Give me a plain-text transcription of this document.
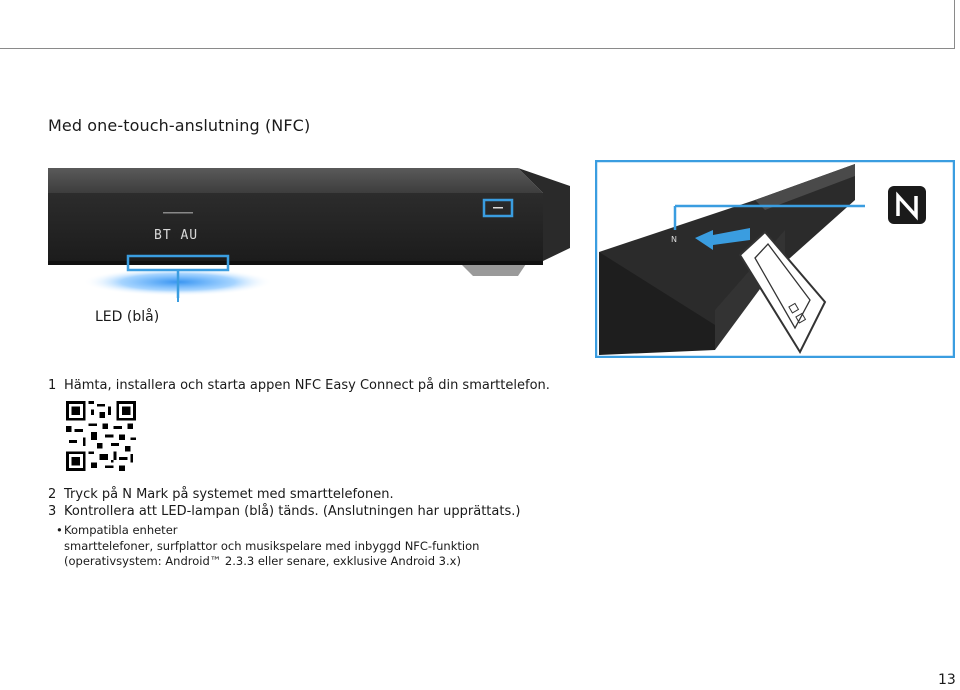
Med one-touch-anslutning (NFC)
BT AU	N
LED (blå)
1 Hämta, installera och starta appen NFC Easy Connect på din smarttelefon.
2 Tryck på N Mark på systemet med smarttelefonen.
3 Kontrollera att LED-lampan (blå) tänds. (Anslutningen har upprättats.)
• Kompatibla enheter
smarttelefoner, surfplattor och musikspelare med inbyggd NFC-funktion
(operativsystem: Android™ 2.3.3 eller senare, exklusive Android 3.x)
13
